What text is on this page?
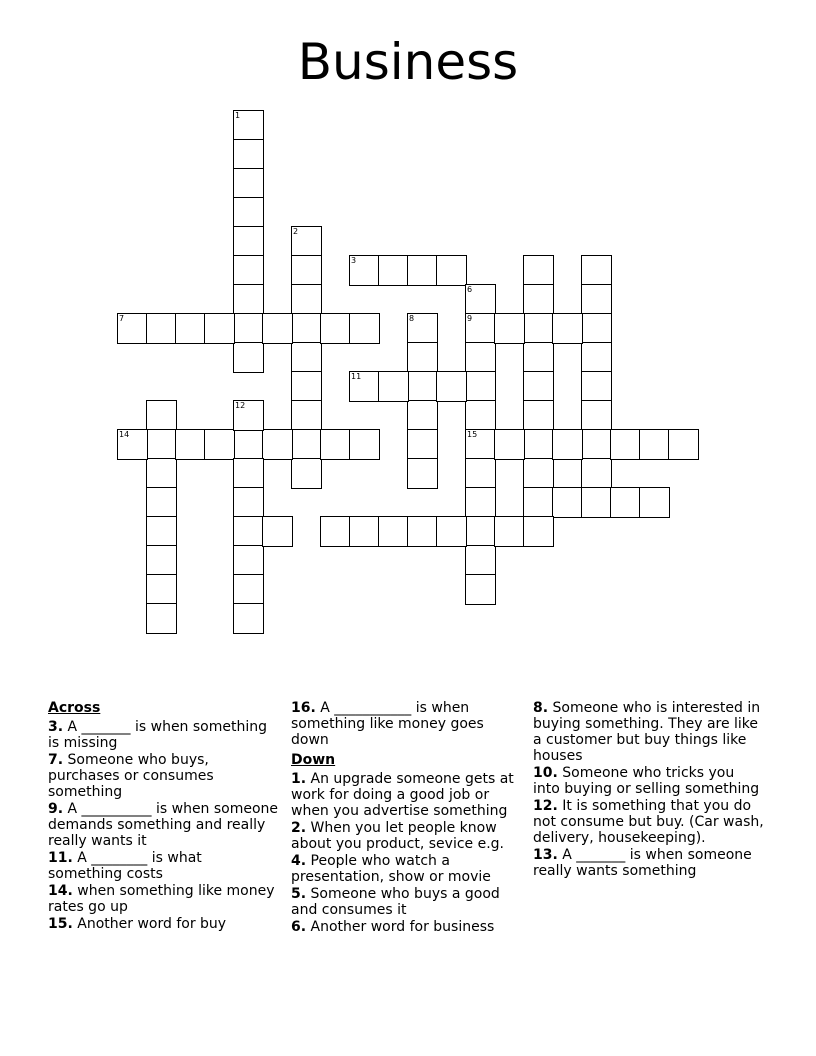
Business
1
2
3
7
6
9
15
8
11
14
12
Across
3. A _______ is when something is missing
7. Someone who buys, purchases or consumes something
9. A __________ is when someone demands something and really really wants it
11. A ________ is what something costs
14. when something like money rates go up
15. Another word for buy
16. A ___________ is when something like money goes down
Down
1. An upgrade someone gets at work for doing a good job or when you advertise something
2. When you let people know about you product, sevice e.g.
4. People who watch a presentation, show or movie
5. Someone who buys a good and consumes it
6. Another word for business
8. Someone who is interested in buying something. They are like a customer but buy things like houses
10. Someone who tricks you into buying or selling something
12. It is something that you do not consume but buy. (Car wash, delivery, housekeeping).
13. A _______ is when someone really wants something
